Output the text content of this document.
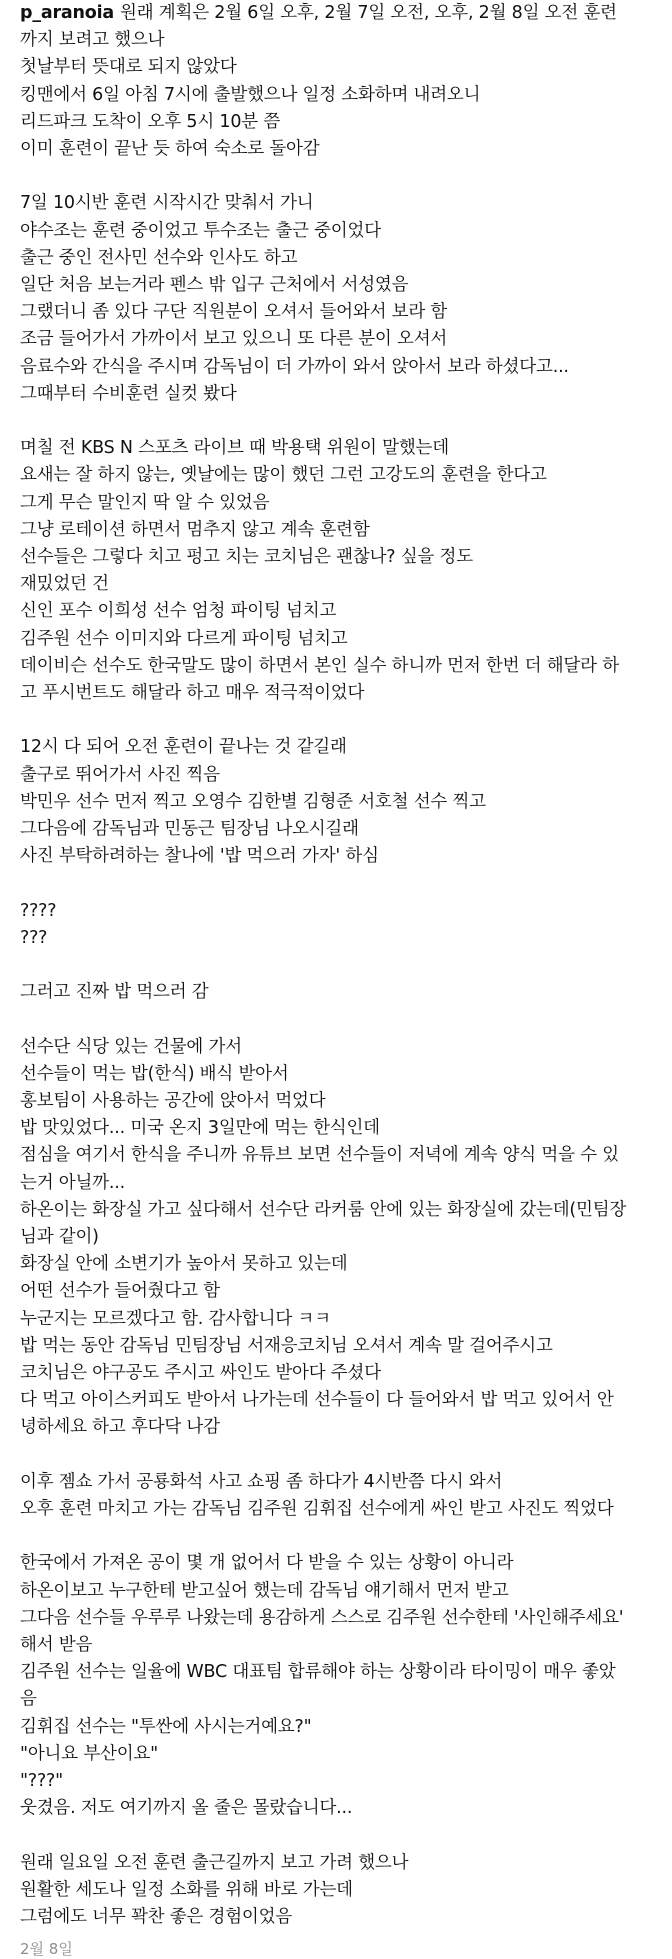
p_aranoia 원래 계획은 2월 6일 오후, 2월 7일 오전, 오후, 2월 8일 오전 훈련
까지 보려고 했으나
첫날부터 뜻대로 되지 않았다
킹맨에서 6일 아침 7시에 출발했으나 일정 소화하며 내려오니
리드파크 도착이 오후 5시 10분 쯤
이미 훈련이 끝난 듯 하여 숙소로 돌아감
7일 10시반 훈련 시작시간 맞춰서 가니
야수조는 훈련 중이었고 투수조는 출근 중이었다
출근 중인 전사민 선수와 인사도 하고
일단 처음 보는거라 펜스 밖 입구 근처에서 서성였음
그랬더니 좀 있다 구단 직원분이 오셔서 들어와서 보라 함
조금 들어가서 가까이서 보고 있으니 또 다른 분이 오셔서
음료수와 간식을 주시며 감독님이 더 가까이 와서 앉아서 보라 하셨다고...
그때부터 수비훈련 실컷 봤다
며칠 전 KBS N 스포츠 라이브 때 박용택 위원이 말했는데
요새는 잘 하지 않는, 옛날에는 많이 했던 그런 고강도의 훈련을 한다고
그게 무슨 말인지 딱 알 수 있었음
그냥 로테이션 하면서 멈추지 않고 계속 훈련함
선수들은 그렇다 치고 펑고 치는 코치님은 괜찮나? 싶을 정도
재밌었던 건
신인 포수 이희성 선수 엄청 파이팅 넘치고
김주원 선수 이미지와 다르게 파이팅 넘치고
데이비슨 선수도 한국말도 많이 하면서 본인 실수 하니까 먼저 한번 더 해달라 하
고 푸시번트도 해달라 하고 매우 적극적이었다
12시 다 되어 오전 훈련이 끝나는 것 같길래
출구로 뛰어가서 사진 찍음
박민우 선수 먼저 찍고 오영수 김한별 김형준 서호철 선수 찍고
그다음에 감독님과 민동근 팀장님 나오시길래
사진 부탁하려하는 찰나에 '밥 먹으러 가자' 하심
????
???
그러고 진짜 밥 먹으러 감
선수단 식당 있는 건물에 가서
선수들이 먹는 밥(한식) 배식 받아서
홍보팀이 사용하는 공간에 앉아서 먹었다
밥 맛있었다... 미국 온지 3일만에 먹는 한식인데
점심을 여기서 한식을 주니까 유튜브 보면 선수들이 저녁에 계속 양식 먹을 수 있
는거 아닐까...
하온이는 화장실 가고 싶다해서 선수단 라커룸 안에 있는 화장실에 갔는데(민팀장
님과 같이)
화장실 안에 소변기가 높아서 못하고 있는데
어떤 선수가 들어줬다고 함
누군지는 모르겠다고 함. 감사합니다 ㅋㅋ
밥 먹는 동안 감독님 민팀장님 서재응코치님 오셔서 계속 말 걸어주시고
코치님은 야구공도 주시고 싸인도 받아다 주셨다
다 먹고 아이스커피도 받아서 나가는데 선수들이 다 들어와서 밥 먹고 있어서 안
녕하세요 하고 후다닥 나감
이후 젬쇼 가서 공룡화석 사고 쇼핑 좀 하다가 4시반쯤 다시 와서
오후 훈련 마치고 가는 감독님 김주원 김휘집 선수에게 싸인 받고 사진도 찍었다
한국에서 가져온 공이 몇 개 없어서 다 받을 수 있는 상황이 아니라
하온이보고 누구한테 받고싶어 했는데 감독님 얘기해서 먼저 받고
그다음 선수들 우루루 나왔는데 용감하게 스스로 김주원 선수한테 '사인해주세요'
해서 받음
김주원 선수는 일율에 WBC 대표팀 합류해야 하는 상황이라 타이밍이 매우 좋았
음
김휘집 선수는 "투싼에 사시는거예요?"
"아니요 부산이요"
"???"
웃겼음. 저도 여기까지 올 줄은 몰랐습니다...
원래 일요일 오전 훈련 출근길까지 보고 가려 했으나
원활한 세도나 일정 소화를 위해 바로 가는데
그럼에도 너무 꽉찬 좋은 경험이었음

2월 8일
